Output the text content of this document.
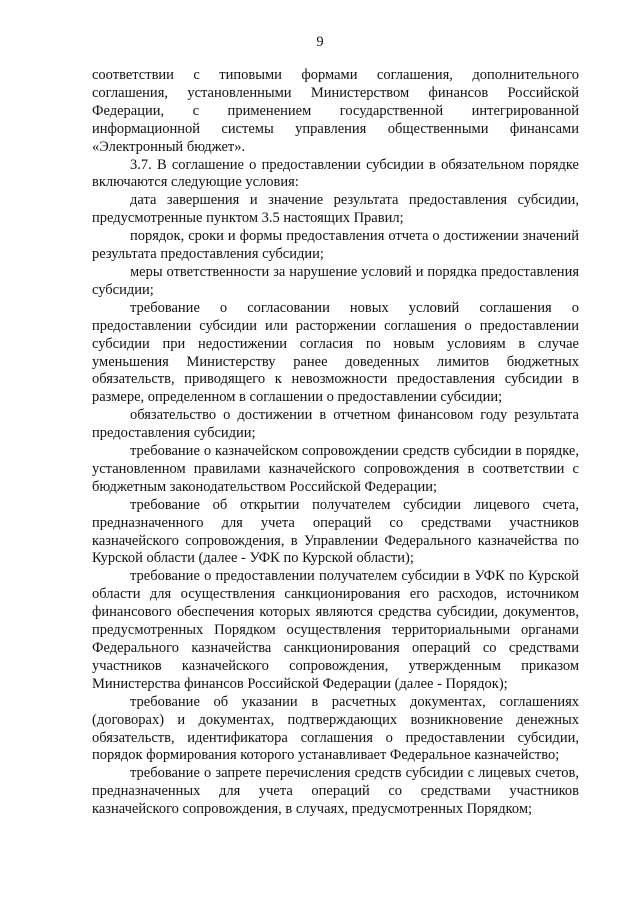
9

соответствии с типовыми формами соглашения, дополнительного соглашения, установленными Министерством финансов Российской Федерации, с применением государственной интегрированной информационной системы управления общественными финансами «Электронный бюджет».

3.7. В соглашение о предоставлении субсидии в обязательном порядке включаются следующие условия:

дата завершения и значение результата предоставления субсидии, предусмотренные пунктом 3.5 настоящих Правил;

порядок, сроки и формы предоставления отчета о достижении значений результата предоставления субсидии;

меры ответственности за нарушение условий и порядка предоставления субсидии;

требование о согласовании новых условий соглашения о предоставлении субсидии или расторжении соглашения о предоставлении субсидии при недостижении согласия по новым условиям в случае уменьшения Министерству ранее доведенных лимитов бюджетных обязательств, приводящего к невозможности предоставления субсидии в размере, определенном в соглашении о предоставлении субсидии;

обязательство о достижении в отчетном финансовом году результата предоставления субсидии;

требование о казначейском сопровождении средств субсидии в порядке, установленном правилами казначейского сопровождения в соответствии с бюджетным законодательством Российской Федерации;

требование об открытии получателем субсидии лицевого счета, предназначенного для учета операций со средствами участников казначейского сопровождения, в Управлении Федерального казначейства по Курской области (далее - УФК по Курской области);

требование о предоставлении получателем субсидии в УФК по Курской области для осуществления санкционирования его расходов, источником финансового обеспечения которых являются средства субсидии, документов, предусмотренных Порядком осуществления территориальными органами Федерального казначейства санкционирования операций со средствами участников казначейского сопровождения, утвержденным приказом Министерства финансов Российской Федерации (далее - Порядок);

требование об указании в расчетных документах, соглашениях (договорах) и документах, подтверждающих возникновение денежных обязательств, идентификатора соглашения о предоставлении субсидии, порядок формирования которого устанавливает Федеральное казначейство;

требование о запрете перечисления средств субсидии с лицевых счетов, предназначенных для учета операций со средствами участников казначейского сопровождения, в случаях, предусмотренных Порядком;
